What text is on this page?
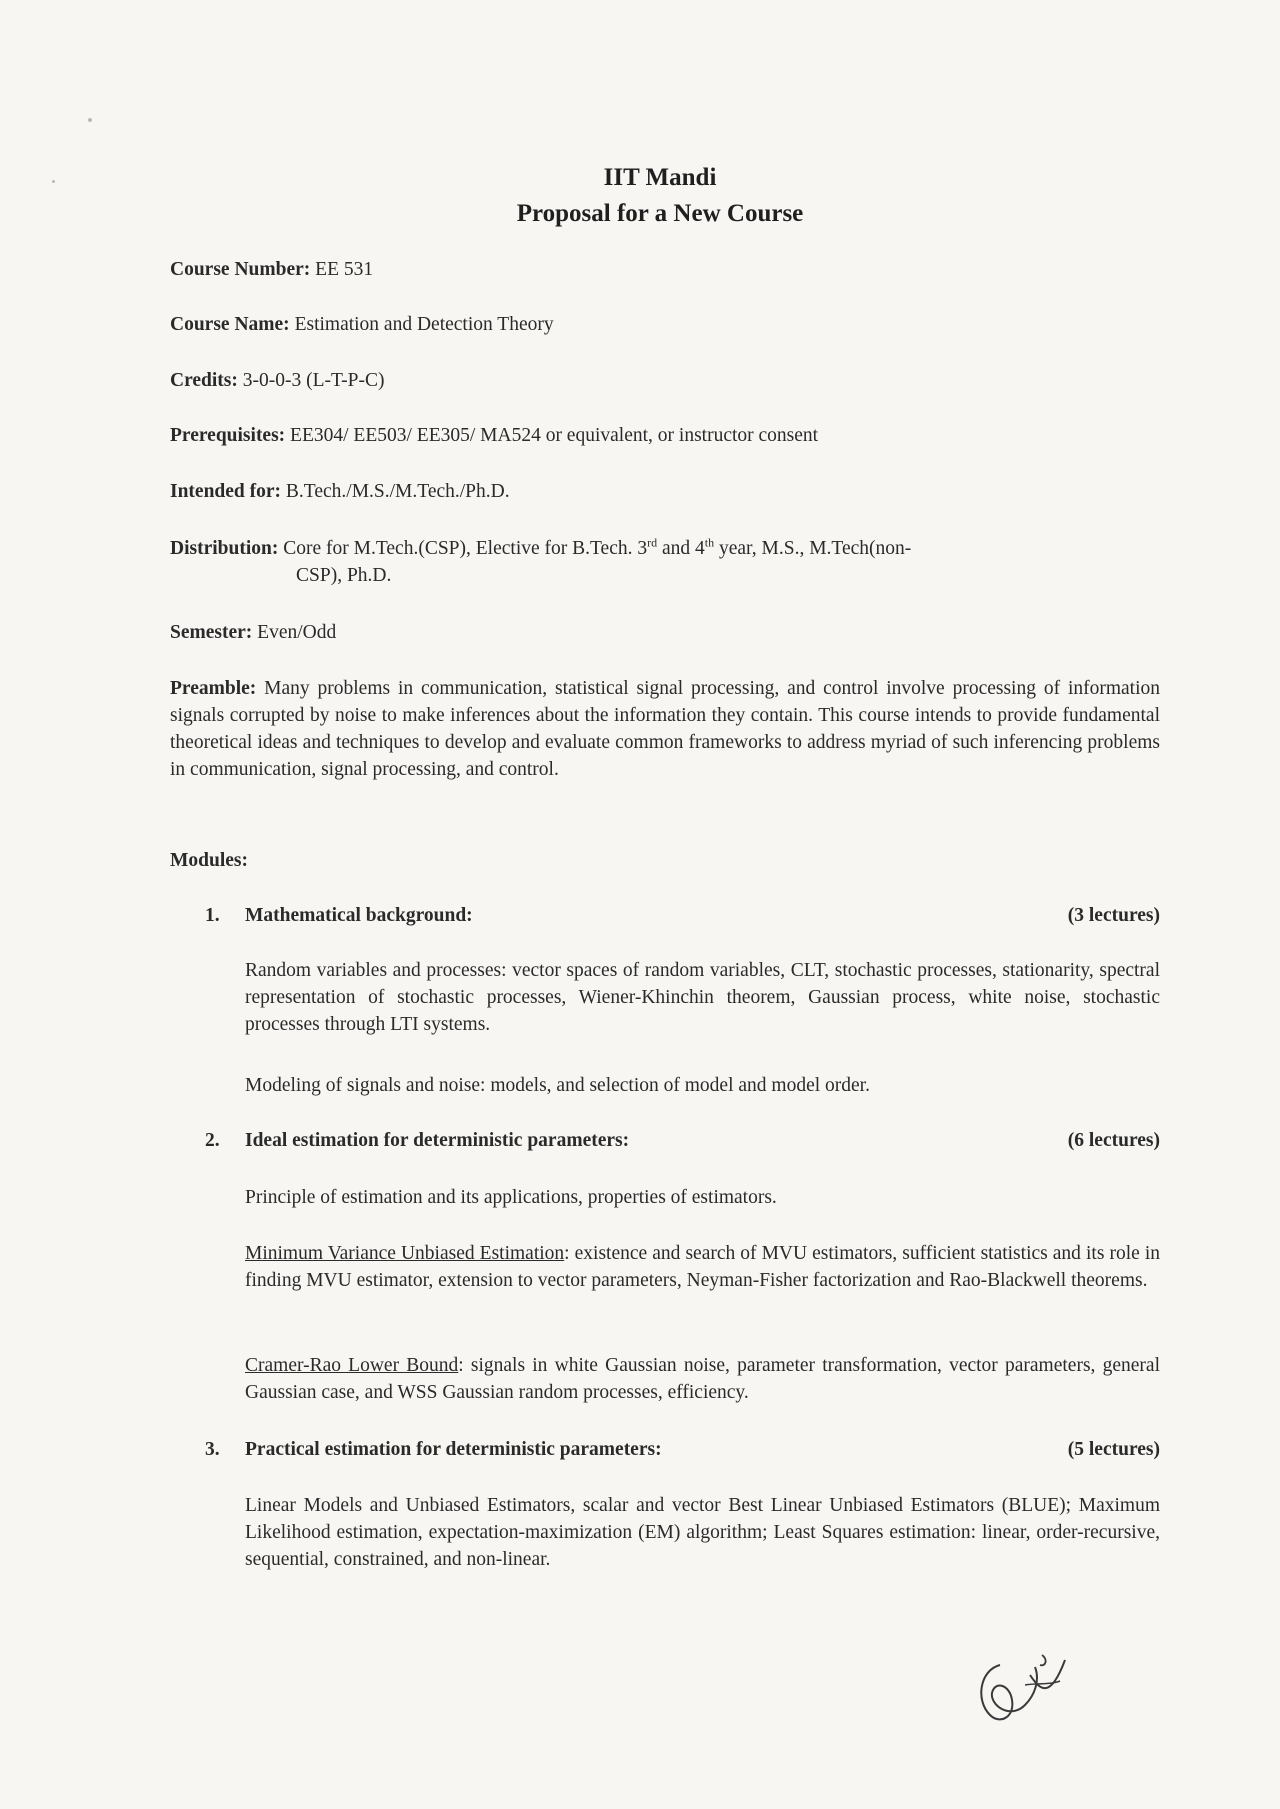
IIT Mandi
Proposal for a New Course
Course Number: EE 531
Course Name: Estimation and Detection Theory
Credits: 3-0-0-3 (L-T-P-C)
Prerequisites: EE304/ EE503/ EE305/ MA524 or equivalent, or instructor consent
Intended for: B.Tech./M.S./M.Tech./Ph.D.
Distribution: Core for M.Tech.(CSP), Elective for B.Tech. 3rd and 4th year, M.S., M.Tech(non-
CSP), Ph.D.
Semester: Even/Odd
Preamble: Many problems in communication, statistical signal processing, and control involve processing of information signals corrupted by noise to make inferences about the information they contain. This course intends to provide fundamental theoretical ideas and techniques to develop and evaluate common frameworks to address myriad of such inferencing problems in communication, signal processing, and control.
Modules:
1. Mathematical background:	(3 lectures)
Random variables and processes: vector spaces of random variables, CLT, stochastic processes, stationarity, spectral representation of stochastic processes, Wiener-Khinchin theorem, Gaussian process, white noise, stochastic processes through LTI systems.
Modeling of signals and noise: models, and selection of model and model order.
2. Ideal estimation for deterministic parameters:	(6 lectures)
Principle of estimation and its applications, properties of estimators.
Minimum Variance Unbiased Estimation: existence and search of MVU estimators, sufficient statistics and its role in finding MVU estimator, extension to vector parameters, Neyman-Fisher factorization and Rao-Blackwell theorems.
Cramer-Rao Lower Bound: signals in white Gaussian noise, parameter transformation, vector parameters, general Gaussian case, and WSS Gaussian random processes, efficiency.
3. Practical estimation for deterministic parameters:	(5 lectures)
Linear Models and Unbiased Estimators, scalar and vector Best Linear Unbiased Estimators (BLUE); Maximum Likelihood estimation, expectation-maximization (EM) algorithm; Least Squares estimation: linear, order-recursive, sequential, constrained, and non-linear.
